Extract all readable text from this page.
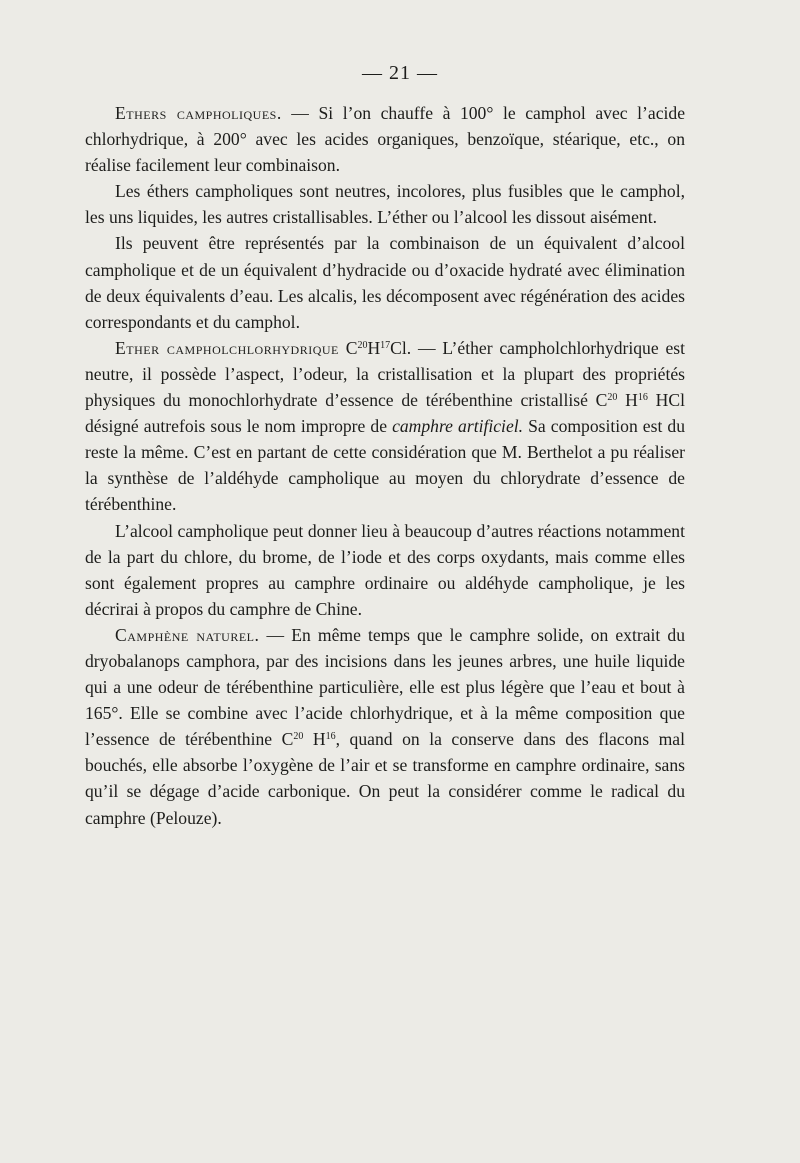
— 21 —

Ethers campholiques. — Si l’on chauffe à 100° le camphol avec l’acide chlorhydrique, à 200° avec les acides organiques, benzoïque, stéarique, etc., on réalise facilement leur combinaison.

Les éthers campholiques sont neutres, incolores, plus fusibles que le camphol, les uns liquides, les autres cristallisables. L’éther ou l’alcool les dissout aisément.

Ils peuvent être représentés par la combinaison de un équivalent d’alcool campholique et de un équivalent d’hydracide ou d’oxacide hydraté avec élimination de deux équivalents d’eau. Les alcalis, les décomposent avec régénération des acides correspondants et du camphol.

Ether campholchlorhydrique $C^{20}H^{17}Cl$. — L’éther campholchlorhydrique est neutre, il possède l’aspect, l’odeur, la cristallisation et la plupart des propriétés physiques du monochlorhydrate d’essence de térébenthine cristallisé $C^{20}$ $H^{16}$ HCl désigné autrefois sous le nom impropre de camphre artificiel. Sa composition est du reste la même. C’est en partant de cette considération que M. Berthelot a pu réaliser la synthèse de l’aldéhyde campholique au moyen du chlorydrate d’essence de térébenthine.

L’alcool campholique peut donner lieu à beaucoup d’autres réactions notamment de la part du chlore, du brome, de l’iode et des corps oxydants, mais comme elles sont également propres au camphre ordinaire ou aldéhyde campholique, je les décrirai à propos du camphre de Chine.

Camphène naturel. — En même temps que le camphre solide, on extrait du dryobalanops camphora, par des incisions dans les jeunes arbres, une huile liquide qui a une odeur de térébenthine particulière, elle est plus légère que l’eau et bout à 165°. Elle se combine avec l’acide chlorhydrique, et à la même composition que l’essence de térébenthine $C^{20}$ $H^{16}$, quand on la conserve dans des flacons mal bouchés, elle absorbe l’oxygène de l’air et se transforme en camphre ordinaire, sans qu’il se dégage d’acide carbonique. On peut la considérer comme le radical du camphre (Pelouze).
